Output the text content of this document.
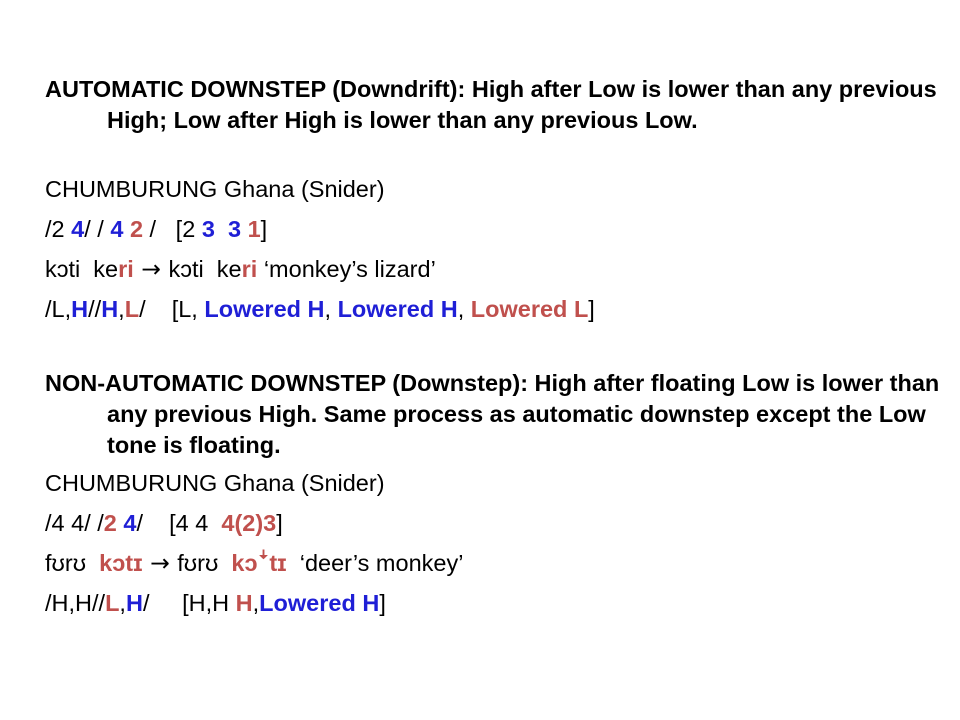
AUTOMATIC DOWNSTEP (Downdrift): High after Low is lower than any previous High; Low after High is lower than any previous Low.
CHUMBURUNG Ghana (Snider)
/2 4/ / 4 2 /   [2 3 3 1]
kɔti  keri → kɔti  keri ‘monkey’s lizard’
/L,H//H,L/    [L, Lowered H, Lowered H, Lowered L]
NON-AUTOMATIC DOWNSTEP (Downstep): High after floating Low is lower than any previous High. Same process as automatic downstep except the Low tone is floating.
CHUMBURUNG Ghana (Snider)
/4 4/ /2 4/    [4 4  4(2)3]
fʊrʊ  kɔtɪ → fʊrʊ  kɔꜜtɪ  ‘deer’s monkey’
/H,H//L,H/     [H,H H,Lowered H]
